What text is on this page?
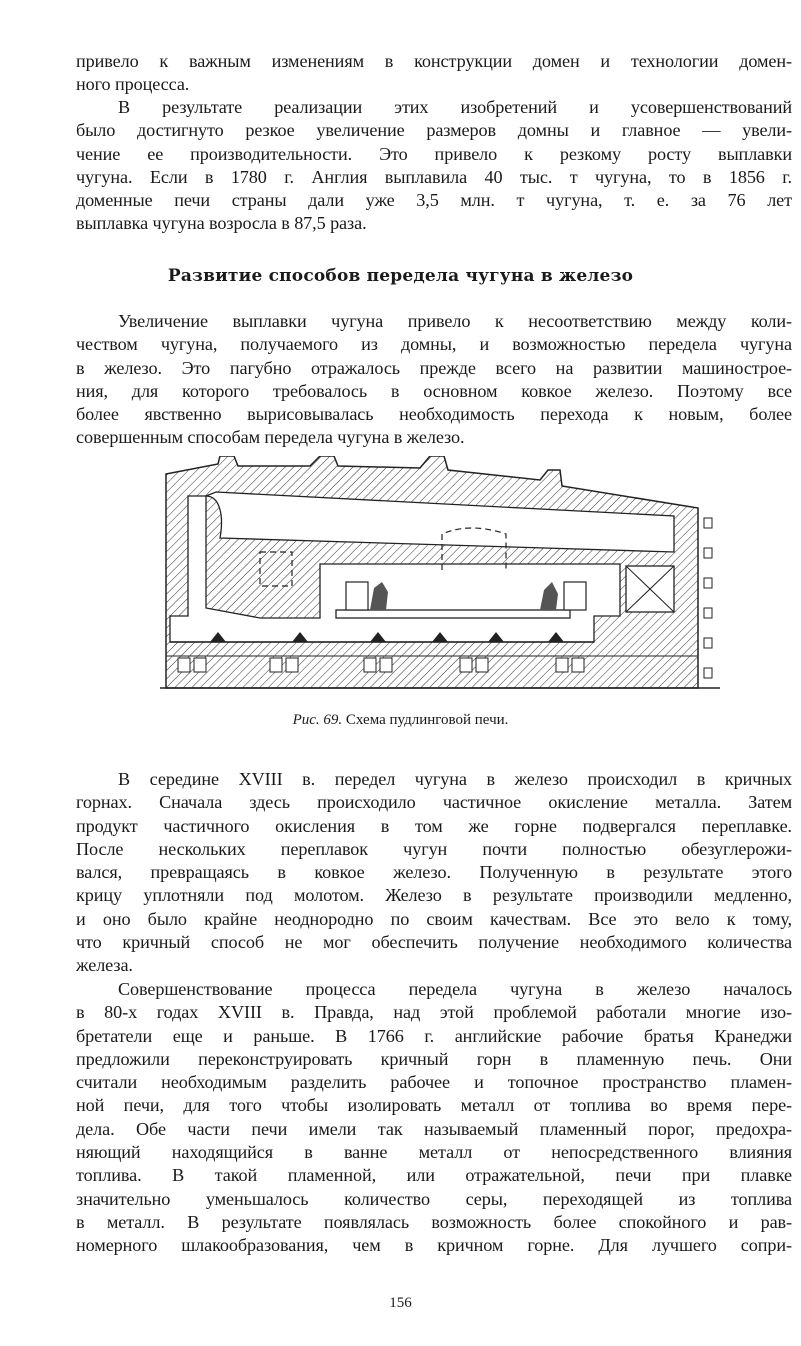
привело к важным изменениям в конструкции домен и технологии домен-
ного процесса.

В результате реализации этих изобретений и усовершенствований
было достигнуто резкое увеличение размеров домны и главное — увели-
чение ее производительности. Это привело к резкому росту выплавки
чугуна. Если в 1780 г. Англия выплавила 40 тыс. т чугуна, то в 1856 г.
доменные печи страны дали уже 3,5 млн. т чугуна, т. е. за 76 лет
выплавка чугуна возросла в 87,5 раза.

Развитие способов передела чугуна в железо

Увеличение выплавки чугуна привело к несоответствию между коли-
чеством чугуна, получаемого из домны, и возможностью передела чугуна
в железо. Это пагубно отражалось прежде всего на развитии машинострое-
ния, для которого требовалось в основном ковкое железо. Поэтому все
более явственно вырисовывалась необходимость перехода к новым, более
совершенным способам передела чугуна в железо.

Рис. 69. Схема пудлинговой печи.

В середине XVIII в. передел чугуна в железо происходил в кричных
горнах. Сначала здесь происходило частичное окисление металла. Затем
продукт частичного окисления в том же горне подвергался переплавке.
После нескольких переплавок чугун почти полностью обезуглерожи-
вался, превращаясь в ковкое железо. Полученную в результате этого
крицу уплотняли под молотом. Железо в результате производили медленно,
и оно было крайне неоднородно по своим качествам. Все это вело к тому,
что кричный способ не мог обеспечить получение необходимого количества
железа.

Совершенствование процесса передела чугуна в железо началось
в 80-х годах XVIII в. Правда, над этой проблемой работали многие изо-
бретатели еще и раньше. В 1766 г. английские рабочие братья Кранеджи
предложили переконструировать кричный горн в пламенную печь. Они
считали необходимым разделить рабочее и топочное пространство пламен-
ной печи, для того чтобы изолировать металл от топлива во время пере-
дела. Обе части печи имели так называемый пламенный порог, предохра-
няющий находящийся в ванне металл от непосредственного влияния
топлива. В такой пламенной, или отражательной, печи при плавке
значительно уменьшалось количество серы, переходящей из топлива
в металл. В результате появлялась возможность более спокойного и рав-
номерного шлакообразования, чем в кричном горне. Для лучшего сопри-

156
